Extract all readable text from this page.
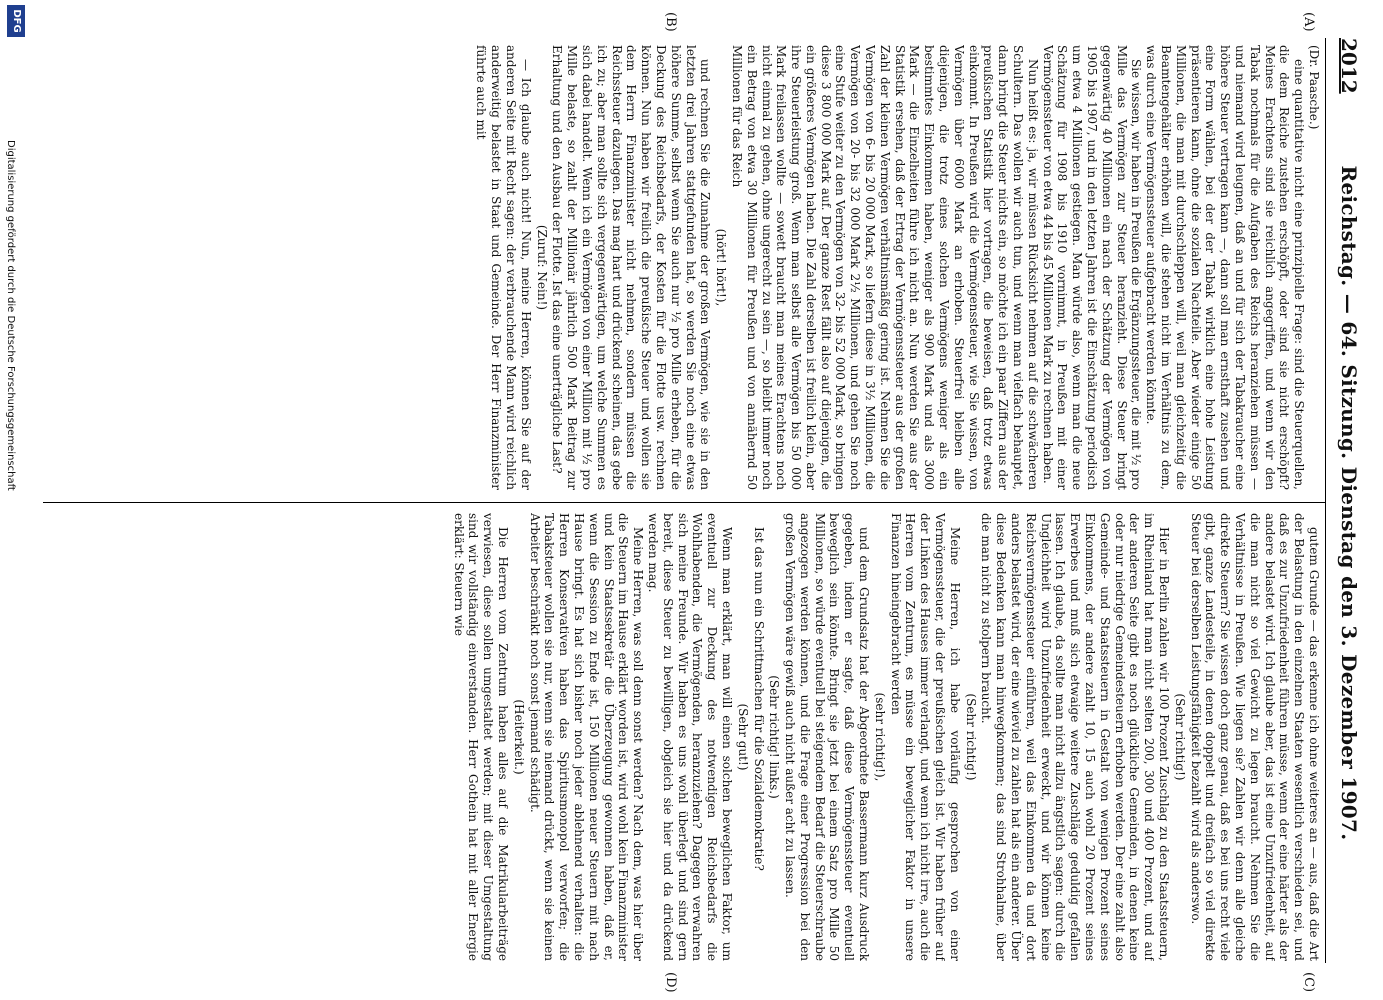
2012
Reichstag. — 64. Sitzung. Dienstag den 3. Dezember 1907.
(A)
(B)
(C)
(D)

(Dr. Paasche.)

eine quantitative nicht eine prinzipielle Frage: sind die Steuerquellen, die dem Reiche zustehen erschöpft, oder sind sie nicht erschöpft? Meines Erachtens sind sie reichlich angegriffen, und wenn wir den Tabak nochmals für die Aufgaben des Reichs heranziehen müssen — und niemand wird leugnen, daß an und für sich der Tabakraucher eine höhere Steuer vertragen kann —, dann soll man ernsthaft zusehen und eine Form wählen, bei der der Tabak wirklich eine hohe Leistung präsentieren kann, ohne die sozialen Nachteile. Aber wieder einige 50 Millionen, die man mit durchschleppen will, weil man gleichzeitig die Beamtengehälter erhöhen will, die stehen nicht im Verhältnis zu dem, was durch eine Vermögenssteuer aufgebracht werden könnte.

Sie wissen, wir haben in Preußen die Ergänzungssteuer, die mit ½ pro Mille das Vermögen zur Steuer heranzieht. Diese Steuer bringt gegenwärtig 40 Millionen ein nach der Schätzung der Vermögen von 1905 bis 1907, und in den letzten Jahren ist die Einschätzung periodisch um etwa 4 Millionen gestiegen. Man würde also, wenn man die neue Schätzung für 1908 bis 1910 vornimmt, in Preußen mit einer Vermögenssteuer von etwa 44 bis 45 Millionen Mark zu rechnen haben.

Nun heißt es: ja, wir müssen Rücksicht nehmen auf die schwächeren Schultern. Das wollen wir auch tun, und wenn man vielfach behauptet, dann bringt die Steuer nichts ein, so möchte ich ein paar Ziffern aus der preußischen Statistik hier vortragen, die beweisen, daß trotz etwas einkommt. In Preußen wird die Vermögenssteuer, wie Sie wissen, von Vermögen über 6000 Mark an erhoben. Steuerfrei bleiben alle diejenigen, die trotz eines solchen Vermögens weniger als ein bestimmtes Einkommen haben, weniger als 900 Mark und als 3000 Mark — die Einzelheiten führe ich nicht an. Nun werden Sie aus der Statistik ersehen, daß der Ertrag der Vermögenssteuer aus der großen Zahl der kleinen Vermögen verhältnismäßig gering ist. Nehmen Sie die Vermögen von 6- bis 20 000 Mark, so liefern diese in 3½ Millionen, die Vermögen von 20- bis 32 000 Mark 2½ Millionen, und gehen Sie noch eine Stufe weiter zu den Vermögen von 32- bis 52 000 Mark, so bringen diese 3 800 000 Mark auf. Der ganze Rest fällt also auf diejenigen, die ein größeres Vermögen haben. Die Zahl derselben ist freilich klein, aber ihre Steuerleistung groß. Wenn man selbst alle Vermögen bis 50 000 Mark freilassen wollte — sowett braucht man meines Erachtens noch nicht einmal zu gehen, ohne ungerecht zu sein —, so bleibt immer noch ein Betrag von etwa 30 Millionen für Preußen und von annähernd 50 Millionen für das Reich

(hört! hört!),

und rechnen Sie die Zunahme der großen Vermögen, wie sie in den letzten drei Jahren stattgefunden hat, so werden Sie noch eine etwas höhere Summe, selbst wenn Sie auch nur ½ pro Mille erheben, für die Deckung des Reichsbedarfs, der Kosten für die Flotte usw. rechnen können. Nun haben wir freilich die preußische Steuer und wollen sie dem Herrn Finanzminister nicht nehmen, sondern müssen die Reichssteuer dazulegen. Das mag hart und drückend scheinen, das gebe ich zu; aber man sollte sich vergegenwärtigen, um welche Summen es sich dabei handelt. Wenn ich ein Vermögen von einer Million mit ½ pro Mille belaste, so zahlt der Millionär jährlich 500 Mark Beitrag zur Erhaltung und den Ausbau der Flotte. Ist das eine unerträgliche Last?

(Zuruf: Nein!)

— Ich glaube auch nicht! Nun, meine Herren, können Sie auf der anderen Seite mit Recht sagen: der verbrauchende Mann wird reichlich anderweitig belastet in Staat und Gemeinde. Der Herr Finanzminister führte auch mit

gutem Grunde — das erkenne ich ohne weiteres an — aus, daß die Art der Belastung in den einzelnen Staaten wesentlich verschieden sei, und daß es zur Unzufriedenheit führen müsse, wenn der eine härter als der andere belastet wird. Ich glaube aber, das ist eine Unzufriedenheit, auf die man nicht so viel Gewicht zu legen braucht. Nehmen Sie die Verhältnisse in Preußen. Wie liegen sie? Zahlen wir denn alle gleiche direkte Steuern? Sie wissen doch ganz genau, daß es bei uns recht viele gibt, ganze Landesteile, in denen doppelt und dreifach so viel direkte Steuer bei derselben Leistungsfähigkeit bezahlt wird als anderswo.

(Sehr richtig!)

Hier in Berlin zahlen wir 100 Prozent Zuschlag zu den Staatssteuern, im Rheinland hat man nicht selten 200, 300 und 400 Prozent, und auf der anderen Seite gibt es noch glückliche Gemeinden, in denen keine oder nur niedrige Gemeindesteuern erhoben werden. Der eine zahlt also Gemeinde- und Staatssteuern in Gestalt von wenigen Prozent seines Einkommens, der andere zahlt 10, 15 auch wohl 20 Prozent seines Erwerbes und muß sich etwaige weitere Zuschläge geduldig gefallen lassen. Ich glaube, da sollte man nicht allzu ängstlich sagen: durch die Ungleichheit wird Unzufriedenheit erweckt, und wir können keine Reichsvermögenssteuer einführen, weil das Einkommen da und dort anders belastet wird, der eine wieviel zu zahlen hat als ein anderer. Über diese Bedenken kann man hinwegkommen; das sind Strohhalme, über die man nicht zu stolpern braucht.

(Sehr richtig!)

Meine Herren, ich habe vorläufig gesprochen von einer Vermögenssteuer, die der preußischen gleich ist. Wir haben früher auf der Linken des Hauses immer verlangt, und wenn ich nicht irre, auch die Herren vom Zentrum, es müsse ein beweglicher Faktor in unsere Finanzen hineingebracht werden

(sehr richtig!),

und dem Grundsatz hat der Abgeordnete Bassermann kurz Ausdruck gegeben, indem er sagte, daß diese Vermögenssteuer eventuell beweglich sein könnte. Bringt sie jetzt bei einem Satz pro Mille 50 Millionen, so würde eventuell bei steigendem Bedarf die Steuerschraube angezogen werden können, und die Frage einer Progression bei den großen Vermögen wäre gewiß auch nicht außer acht zu lassen.

(Sehr richtig! links.)

Ist das nun ein Schrittmachen für die Sozialdemokratie?

(Sehr gut!)

Wenn man erklärt, man will einen solchen beweglichen Faktor, um eventuell zur Deckung des notwendigen Reichsbedarfs die Wohlhabenden, die Vermögenden, heranzuziehen? Dagegen verwahren sich meine Freunde. Wir haben es uns wohl überlegt und sind gern bereit, diese Steuer zu bewilligen, obgleich sie hier und da drückend werden mag.

Meine Herren, was soll denn sonst werden? Nach dem, was hier über die Steuern im Hause erklärt worden ist, wird wohl kein Finanzminister und kein Staatssekretär die Überzeugung gewonnen haben, daß er, wenn die Session zu Ende ist, 150 Millionen neuer Steuern mit nach Hause bringt. Es hat sich bisher noch jeder ablehnend verhalten: die Herren Konservativen haben das Spiritusmonopol verworfen; die Tabaksteuer wollen sie nur, wenn sie niemand drückt, wenn sie keinen Arbeiter beschränkt noch sonst jemand schädigt.

(Heiterkeit.)

Die Herren vom Zentrum haben alles auf die Matrikularbeiträge verwiesen, diese sollen umgestaltet werden; mit dieser Umgestaltung sind wir vollständig einverstanden. Herr Gothein hat mit aller Energie erklärt: Steuern wie

Digitalisierung gefördert durch die Deutsche Forschungsgemeinschaft
DFG
